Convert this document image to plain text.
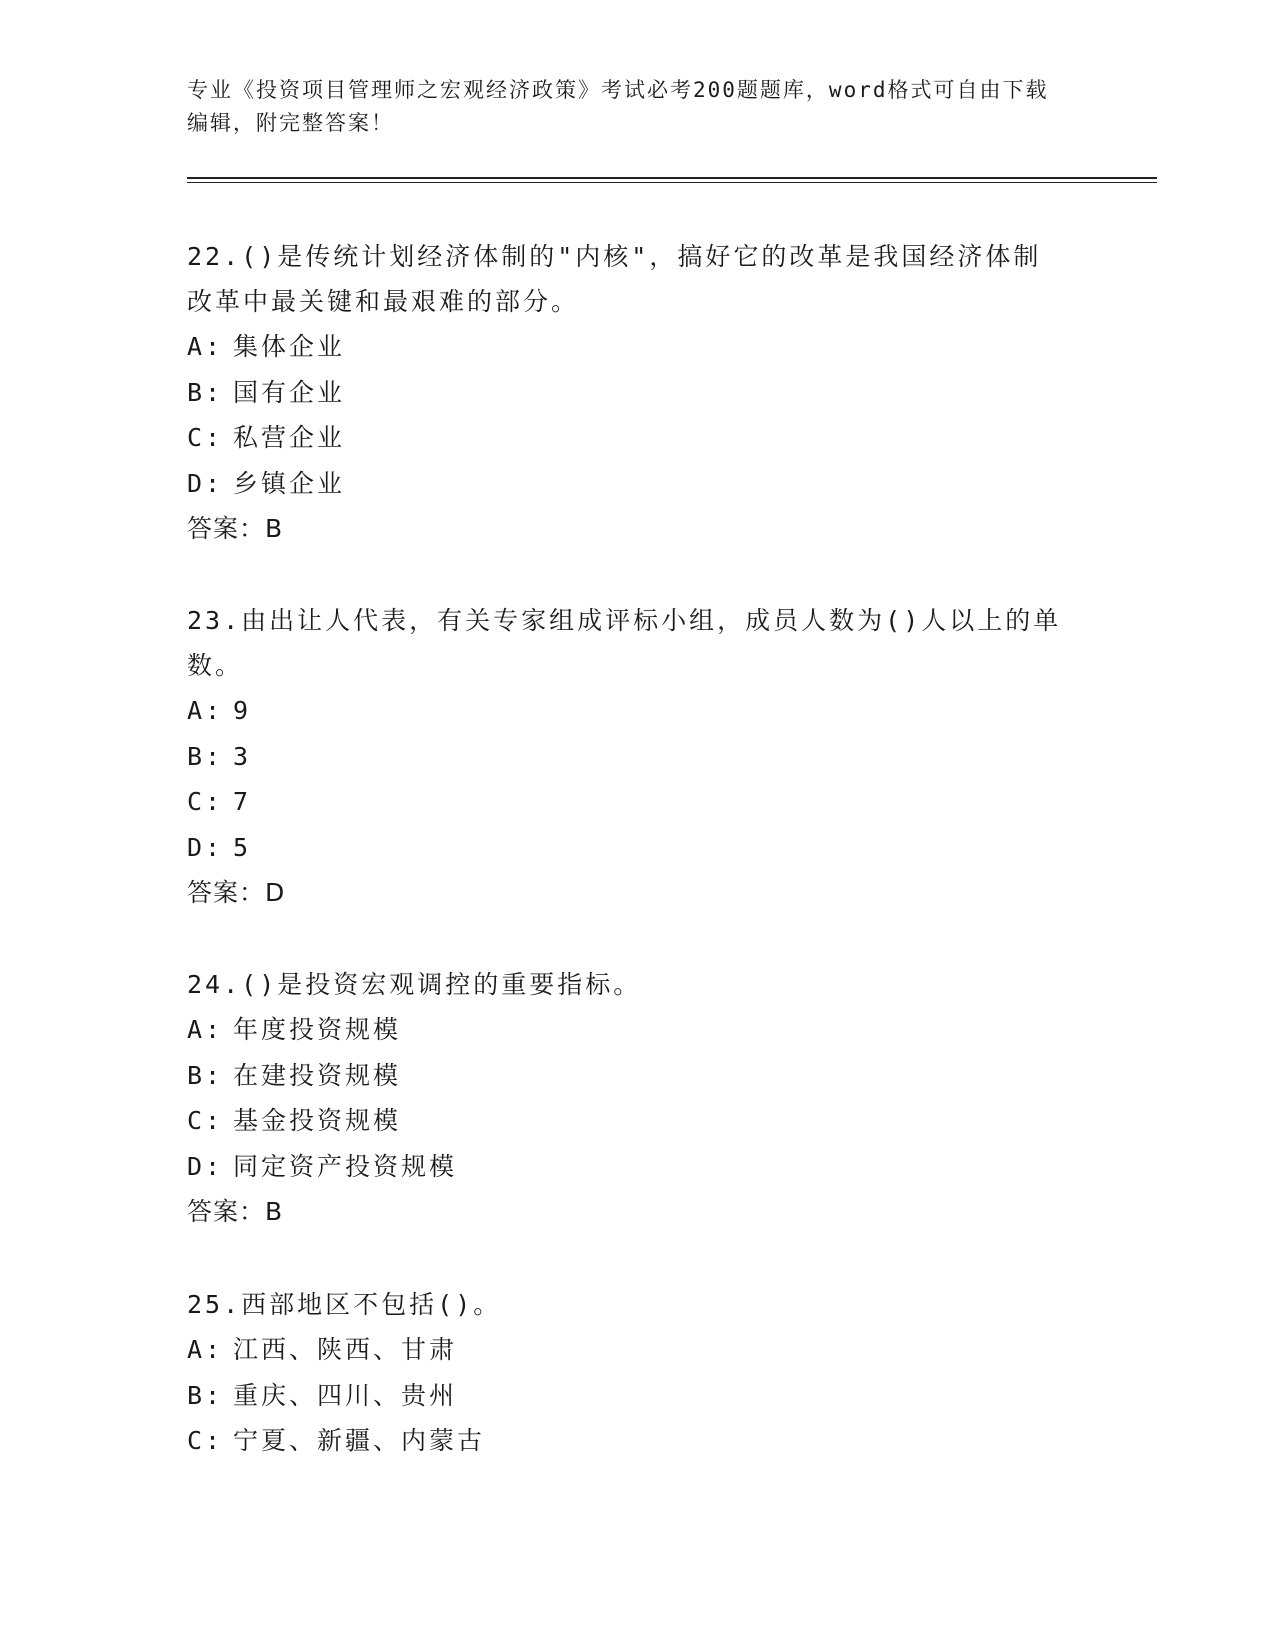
专业《投资项目管理师之宏观经济政策》考试必考200题题库，word格式可自由下载编辑，附完整答案！

22.()是传统计划经济体制的"内核"，搞好它的改革是我国经济体制改革中最关键和最艰难的部分。

A: 集体企业

B: 国有企业

C: 私营企业

D: 乡镇企业

答案：B

23.由出让人代表，有关专家组成评标小组，成员人数为()人以上的单数。

A: 9

B: 3

C: 7

D: 5

答案：D

24.()是投资宏观调控的重要指标。

A: 年度投资规模

B: 在建投资规模

C: 基金投资规模

D: 同定资产投资规模

答案：B

25.西部地区不包括()。

A: 江西、陕西、甘肃

B: 重庆、四川、贵州

C: 宁夏、新疆、内蒙古
